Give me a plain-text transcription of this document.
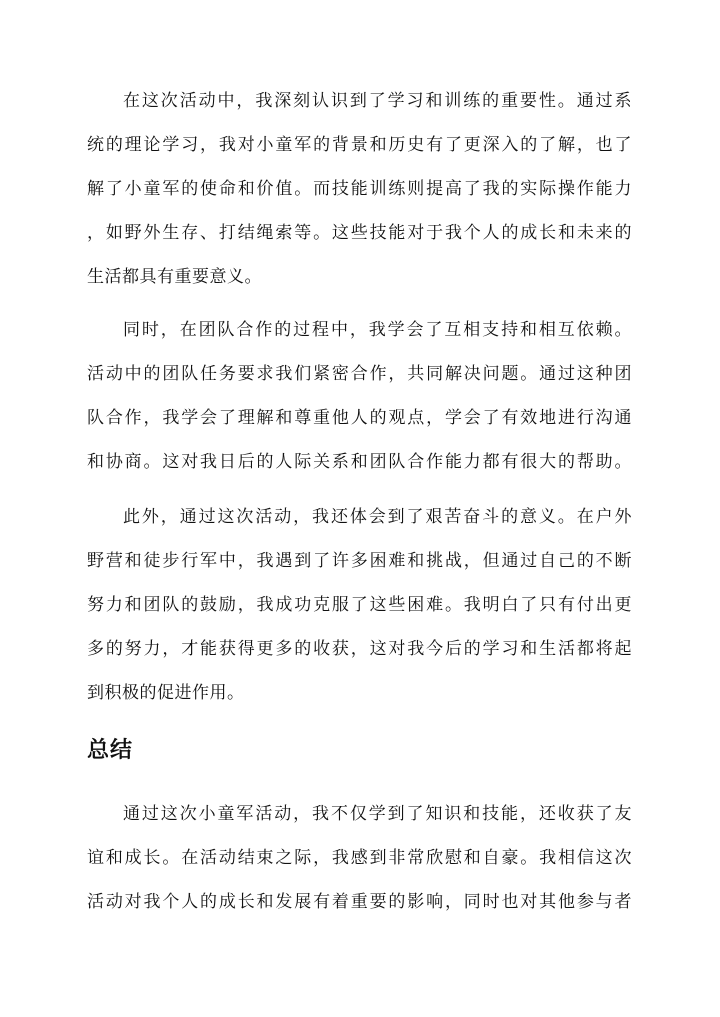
在这次活动中，我深刻认识到了学习和训练的重要性。通过系
统的理论学习，我对小童军的背景和历史有了更深入的了解，也了
解了小童军的使命和价值。而技能训练则提高了我的实际操作能力
，如野外生存、打结绳索等。这些技能对于我个人的成长和未来的
生活都具有重要意义。
同时，在团队合作的过程中，我学会了互相支持和相互依赖。
活动中的团队任务要求我们紧密合作，共同解决问题。通过这种团
队合作，我学会了理解和尊重他人的观点，学会了有效地进行沟通
和协商。这对我日后的人际关系和团队合作能力都有很大的帮助。
此外，通过这次活动，我还体会到了艰苦奋斗的意义。在户外
野营和徒步行军中，我遇到了许多困难和挑战，但通过自己的不断
努力和团队的鼓励，我成功克服了这些困难。我明白了只有付出更
多的努力，才能获得更多的收获，这对我今后的学习和生活都将起
到积极的促进作用。
总结
通过这次小童军活动，我不仅学到了知识和技能，还收获了友
谊和成长。在活动结束之际，我感到非常欣慰和自豪。我相信这次
活动对我个人的成长和发展有着重要的影响，同时也对其他参与者
